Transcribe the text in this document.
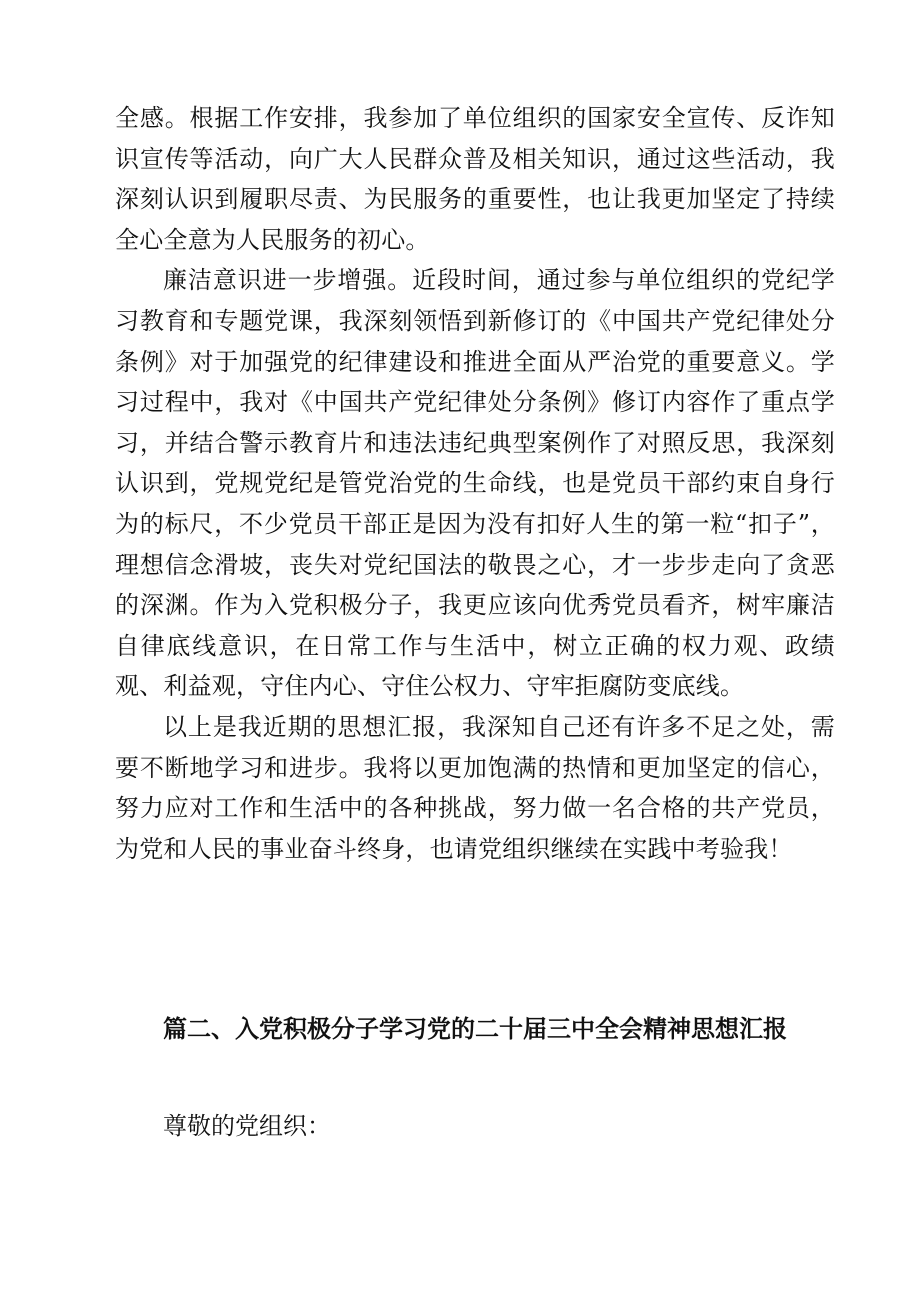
全感。根据工作安排，我参加了单位组织的国家安全宣传、反诈知识宣传等活动，向广大人民群众普及相关知识，通过这些活动，我深刻认识到履职尽责、为民服务的重要性，也让我更加坚定了持续全心全意为人民服务的初心。

廉洁意识进一步增强。近段时间，通过参与单位组织的党纪学习教育和专题党课，我深刻领悟到新修订的《中国共产党纪律处分条例》对于加强党的纪律建设和推进全面从严治党的重要意义。学习过程中，我对《中国共产党纪律处分条例》修订内容作了重点学习，并结合警示教育片和违法违纪典型案例作了对照反思，我深刻认识到，党规党纪是管党治党的生命线，也是党员干部约束自身行为的标尺，不少党员干部正是因为没有扣好人生的第一粒“扣子”，理想信念滑坡，丧失对党纪国法的敬畏之心，才一步步走向了贪恶的深渊。作为入党积极分子，我更应该向优秀党员看齐，树牢廉洁自律底线意识，在日常工作与生活中，树立正确的权力观、政绩观、利益观，守住内心、守住公权力、守牢拒腐防变底线。

以上是我近期的思想汇报，我深知自己还有许多不足之处，需要不断地学习和进步。我将以更加饱满的热情和更加坚定的信心，努力应对工作和生活中的各种挑战，努力做一名合格的共产党员，为党和人民的事业奋斗终身，也请党组织继续在实践中考验我！

篇二、入党积极分子学习党的二十届三中全会精神思想汇报

尊敬的党组织：
